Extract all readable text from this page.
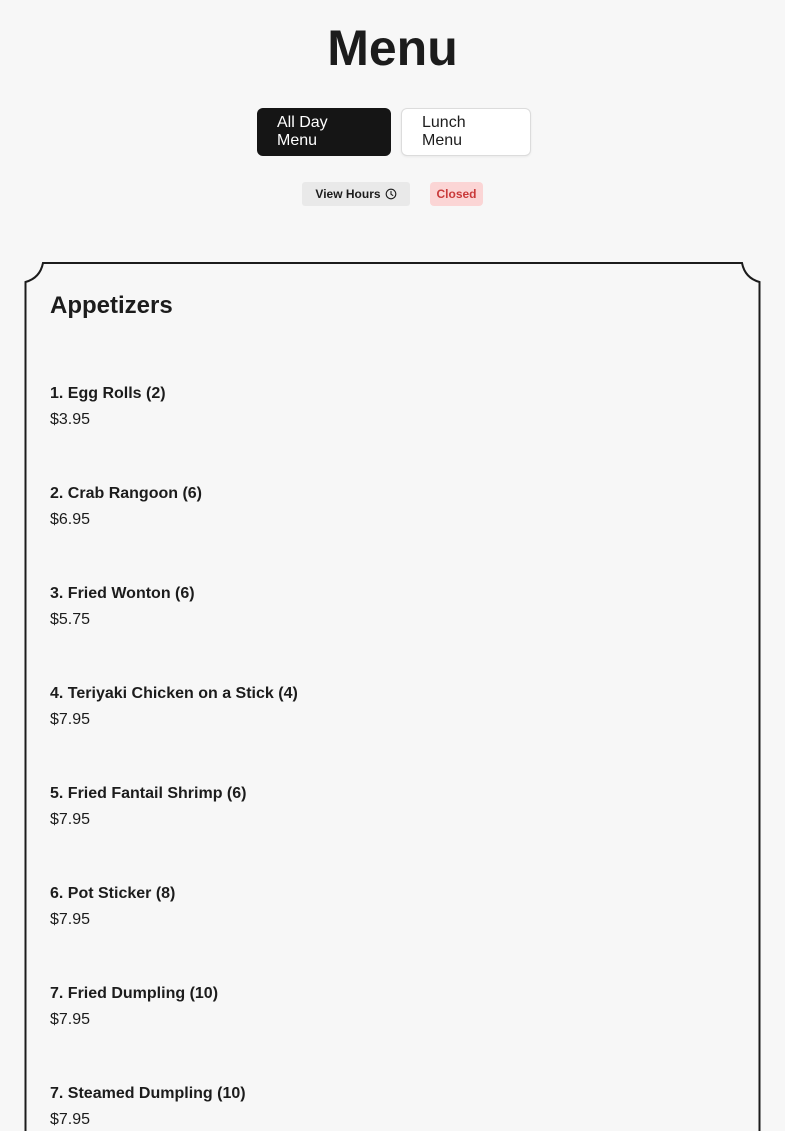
Menu
All Day Menu
Lunch Menu
View Hours	Closed
Appetizers
1. Egg Rolls (2)
$3.95
2. Crab Rangoon (6)
$6.95
3. Fried Wonton (6)
$5.75
4. Teriyaki Chicken on a Stick (4)
$7.95
5. Fried Fantail Shrimp (6)
$7.95
6. Pot Sticker (8)
$7.95
7. Fried Dumpling (10)
$7.95
7. Steamed Dumpling (10)
$7.95
